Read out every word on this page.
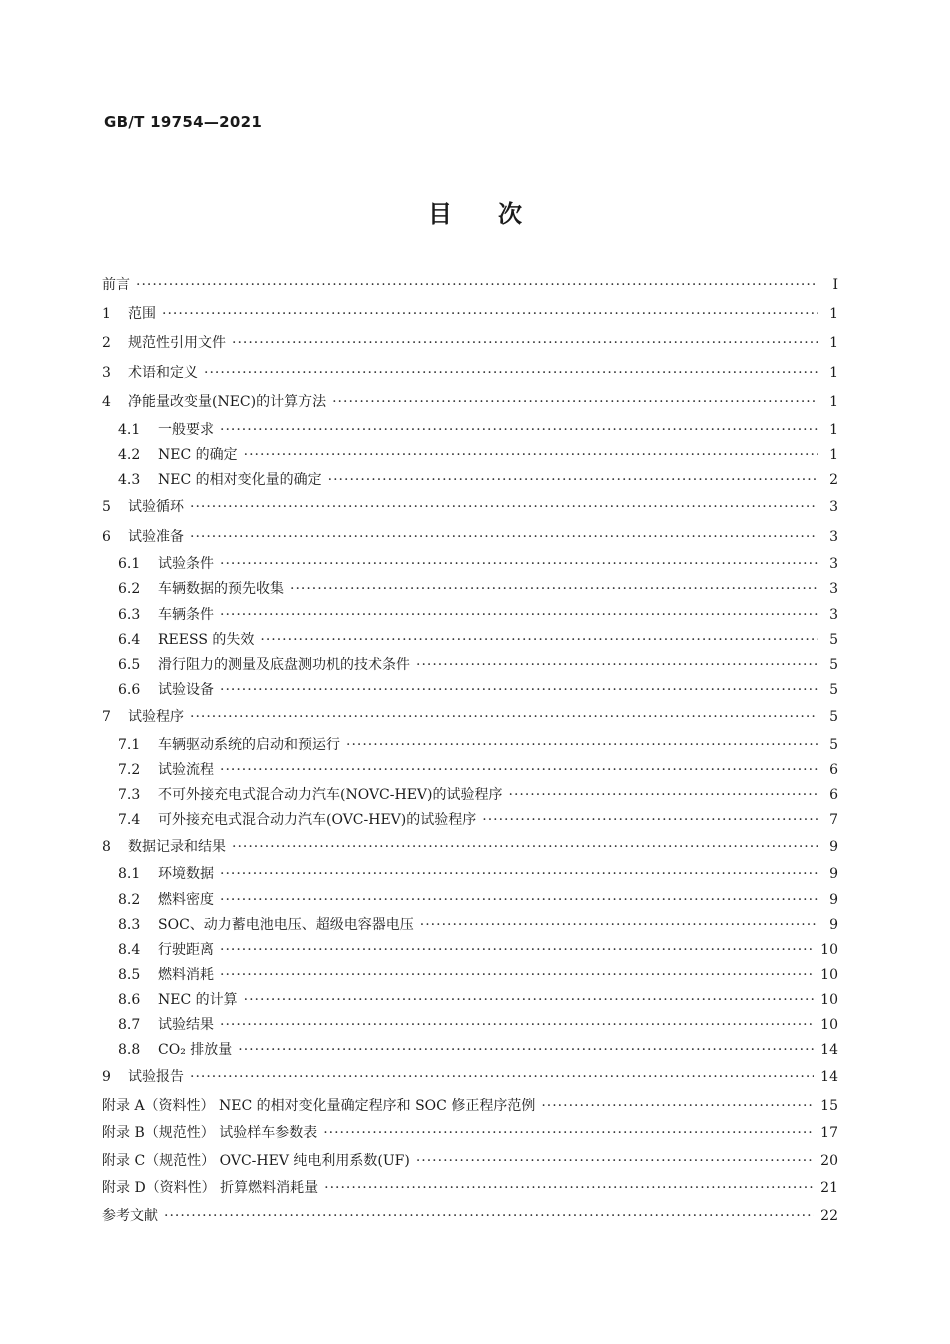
GB/T 19754—2021
目次
前言 ·····	Ⅰ
1	范围 ·····	1
2	规范性引用文件 ·····	1
3	术语和定义 ·····	1
4	净能量改变量(NEC)的计算方法 ·····	1
4.1	一般要求 ·····	1
4.2	NEC 的确定 ·····	1
4.3	NEC 的相对变化量的确定 ·····	2
5	试验循环 ·····	3
6	试验准备 ·····	3
6.1	试验条件 ·····	3
6.2	车辆数据的预先收集 ·····	3
6.3	车辆条件 ·····	3
6.4	REESS 的失效 ·····	5
6.5	滑行阻力的测量及底盘测功机的技术条件 ·····	5
6.6	试验设备 ·····	5
7	试验程序 ·····	5
7.1	车辆驱动系统的启动和预运行 ·····	5
7.2	试验流程 ·····	6
7.3	不可外接充电式混合动力汽车(NOVC-HEV)的试验程序 ·····	6
7.4	可外接充电式混合动力汽车(OVC-HEV)的试验程序 ·····	7
8	数据记录和结果 ·····	9
8.1	环境数据 ·····	9
8.2	燃料密度 ·····	9
8.3	SOC、动力蓄电池电压、超级电容器电压 ·····	9
8.4	行驶距离 ·····	10
8.5	燃料消耗 ·····	10
8.6	NEC 的计算 ·····	10
8.7	试验结果 ·····	10
8.8	CO₂ 排放量 ·····	14
9	试验报告 ·····	14
附录 A（资料性） NEC 的相对变化量确定程序和 SOC 修正程序范例 ·····	15
附录 B（规范性） 试验样车参数表 ·····	17
附录 C（规范性） OVC-HEV 纯电利用系数(UF) ·····	20
附录 D（资料性） 折算燃料消耗量 ·····	21
参考文献 ·····	22
